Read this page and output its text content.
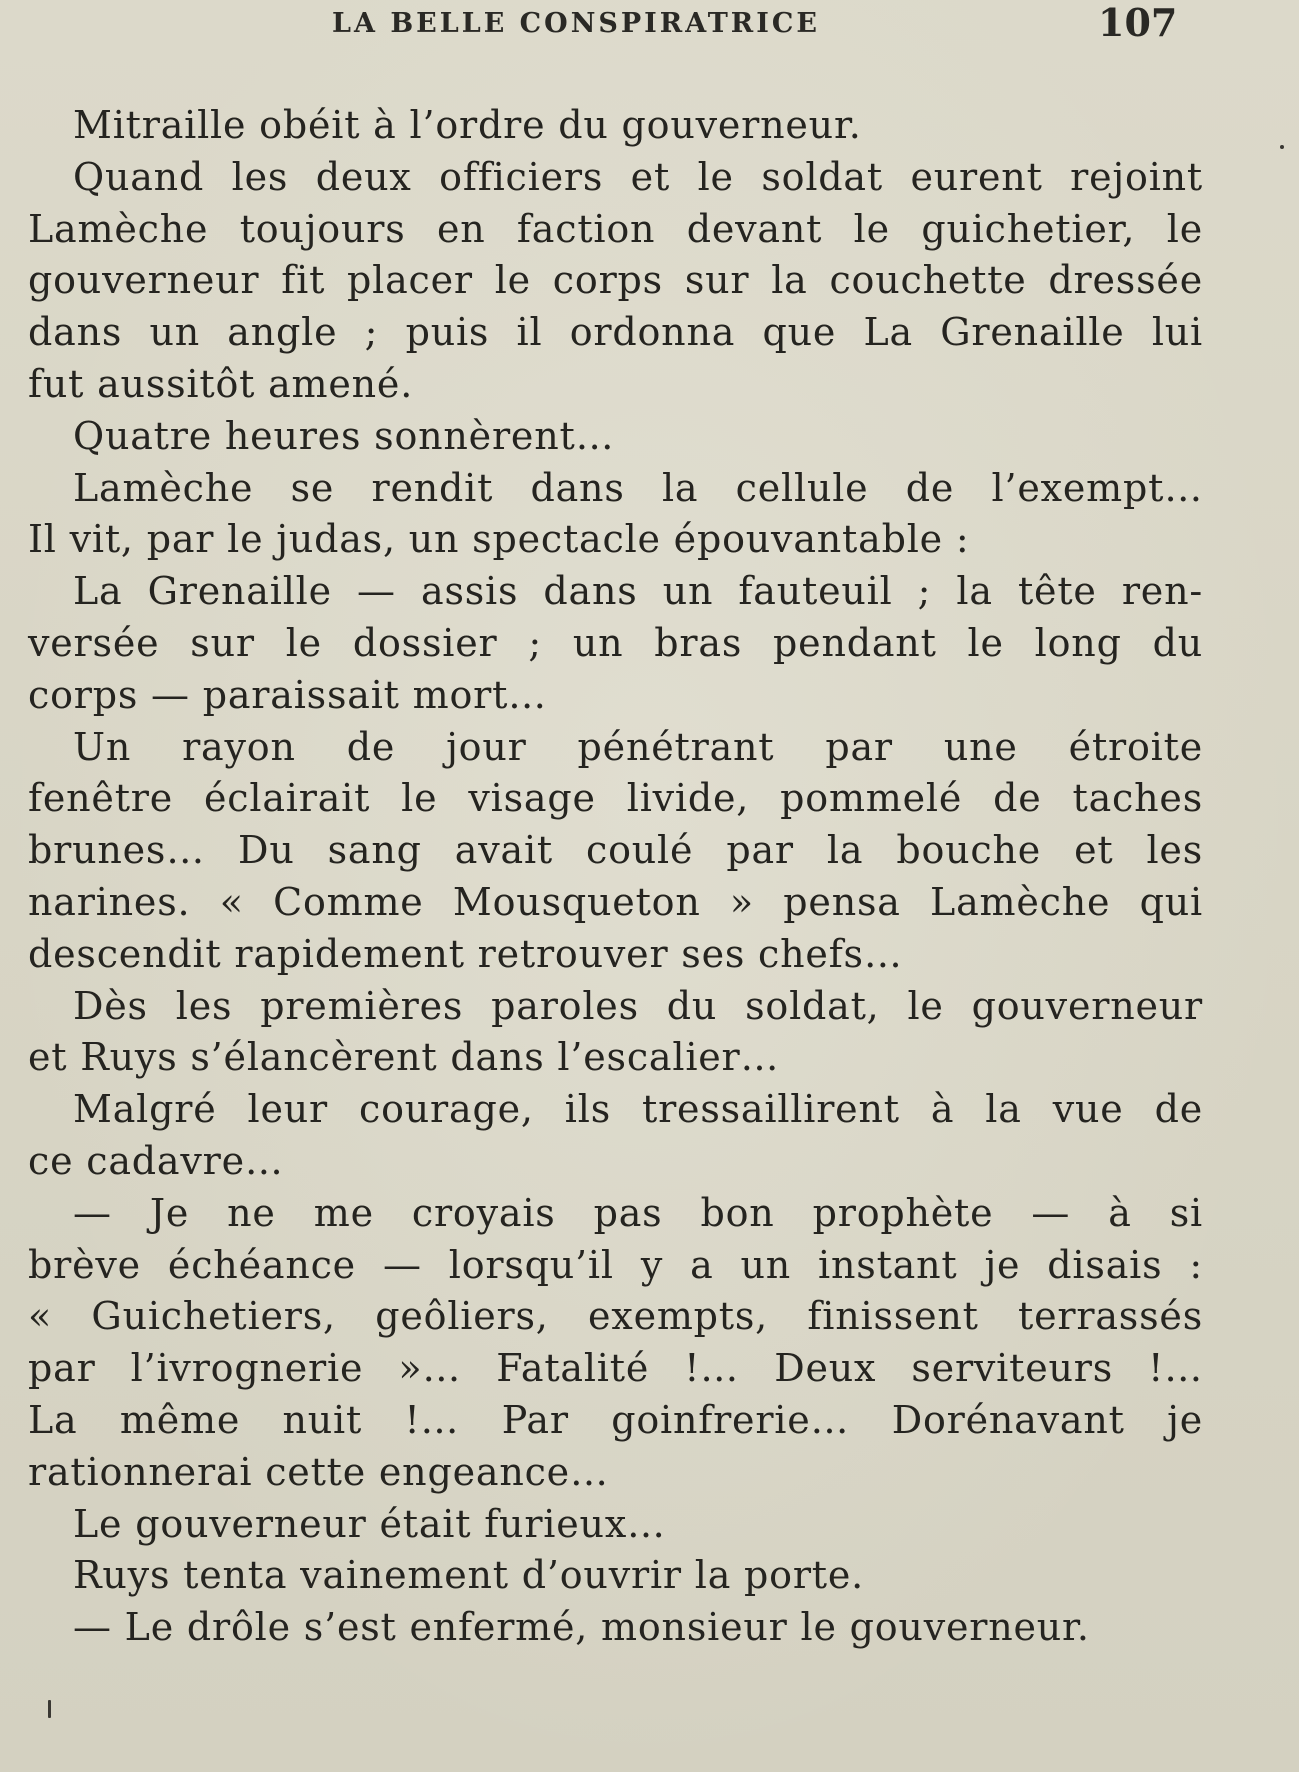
LA BELLE CONSPIRATRICE	107
Mitraille obéit à l’ordre du gouverneur.
Quand les deux officiers et le soldat eurent rejoint
Lamèche toujours en faction devant le guichetier, le
gouverneur fit placer le corps sur la couchette dressée
dans un angle ; puis il ordonna que La Grenaille lui
fut aussitôt amené.
Quatre heures sonnèrent…
Lamèche se rendit dans la cellule de l’exempt…
Il vit, par le judas, un spectacle épouvantable :
La Grenaille — assis dans un fauteuil ; la tête ren-
versée sur le dossier ; un bras pendant le long du
corps — paraissait mort…
Un rayon de jour pénétrant par une étroite
fenêtre éclairait le visage livide, pommelé de taches
brunes… Du sang avait coulé par la bouche et les
narines. « Comme Mousqueton » pensa Lamèche qui
descendit rapidement retrouver ses chefs…
Dès les premières paroles du soldat, le gouverneur
et Ruys s’élancèrent dans l’escalier…
Malgré leur courage, ils tressaillirent à la vue de
ce cadavre…
— Je ne me croyais pas bon prophète — à si
brève échéance — lorsqu’il y a un instant je disais :
« Guichetiers, geôliers, exempts, finissent terrassés
par l’ivrognerie »… Fatalité !… Deux serviteurs !…
La même nuit !… Par goinfrerie… Dorénavant je
rationnerai cette engeance…
Le gouverneur était furieux…
Ruys tenta vainement d’ouvrir la porte.
— Le drôle s’est enfermé, monsieur le gouverneur.
